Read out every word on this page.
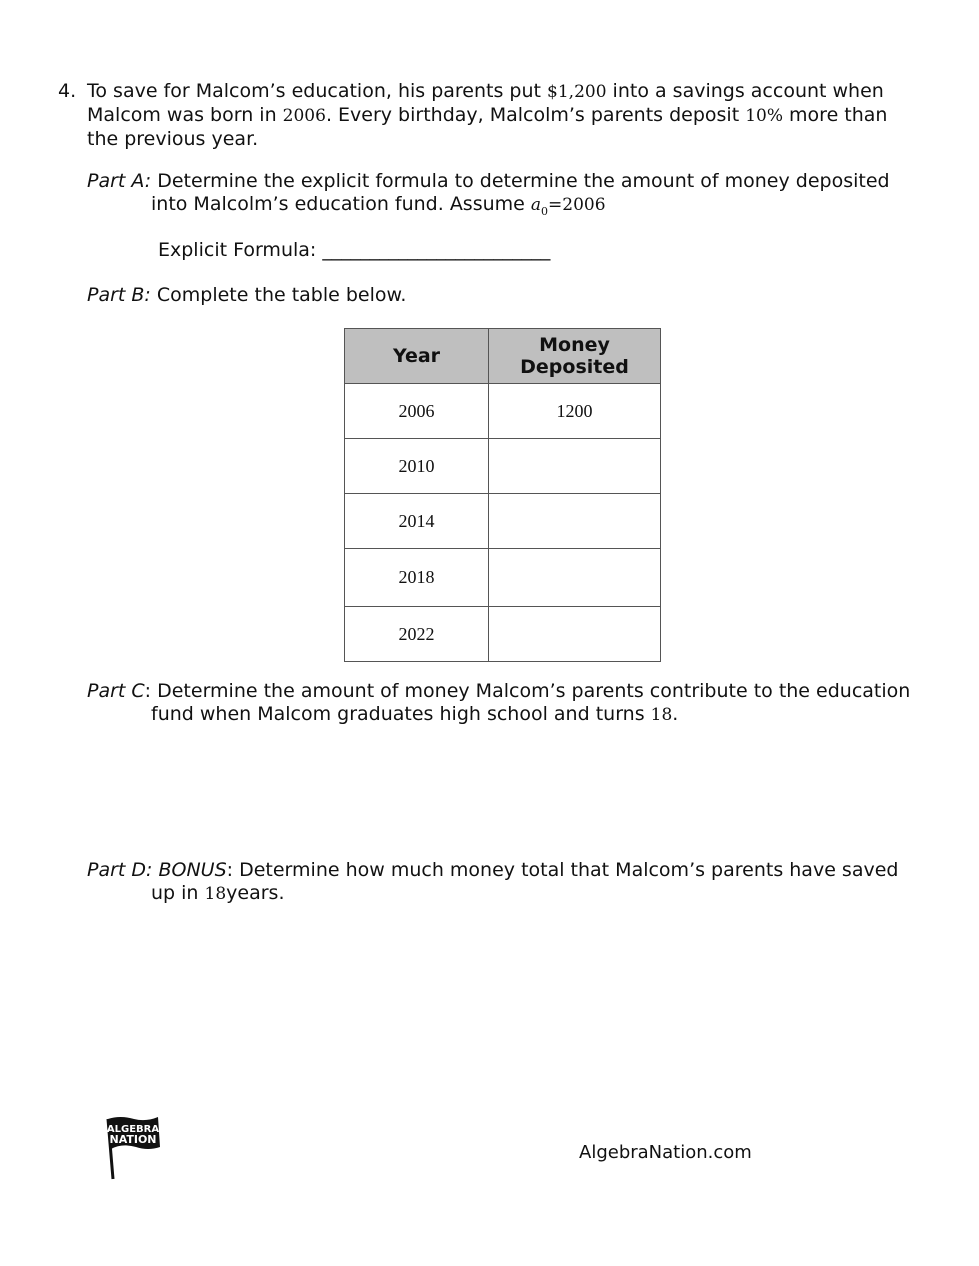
4. To save for Malcom’s education, his parents put $1,200 into a savings account when Malcom was born in 2006. Every birthday, Malcolm’s parents deposit 10% more than the previous year.
Part A: Determine the explicit formula to determine the amount of money deposited into Malcolm’s education fund. Assume $a_0=2006$
Explicit Formula: ________________________
Part B: Complete the table below.
Year	Money Deposited
2006	1200
2010	
2014	
2018	
2022	
Part C: Determine the amount of money Malcom’s parents contribute to the education fund when Malcom graduates high school and turns 18.
Part D: BONUS: Determine how much money total that Malcom’s parents have saved up in 18years.
ALGEBRA
NATION
AlgebraNation.com
